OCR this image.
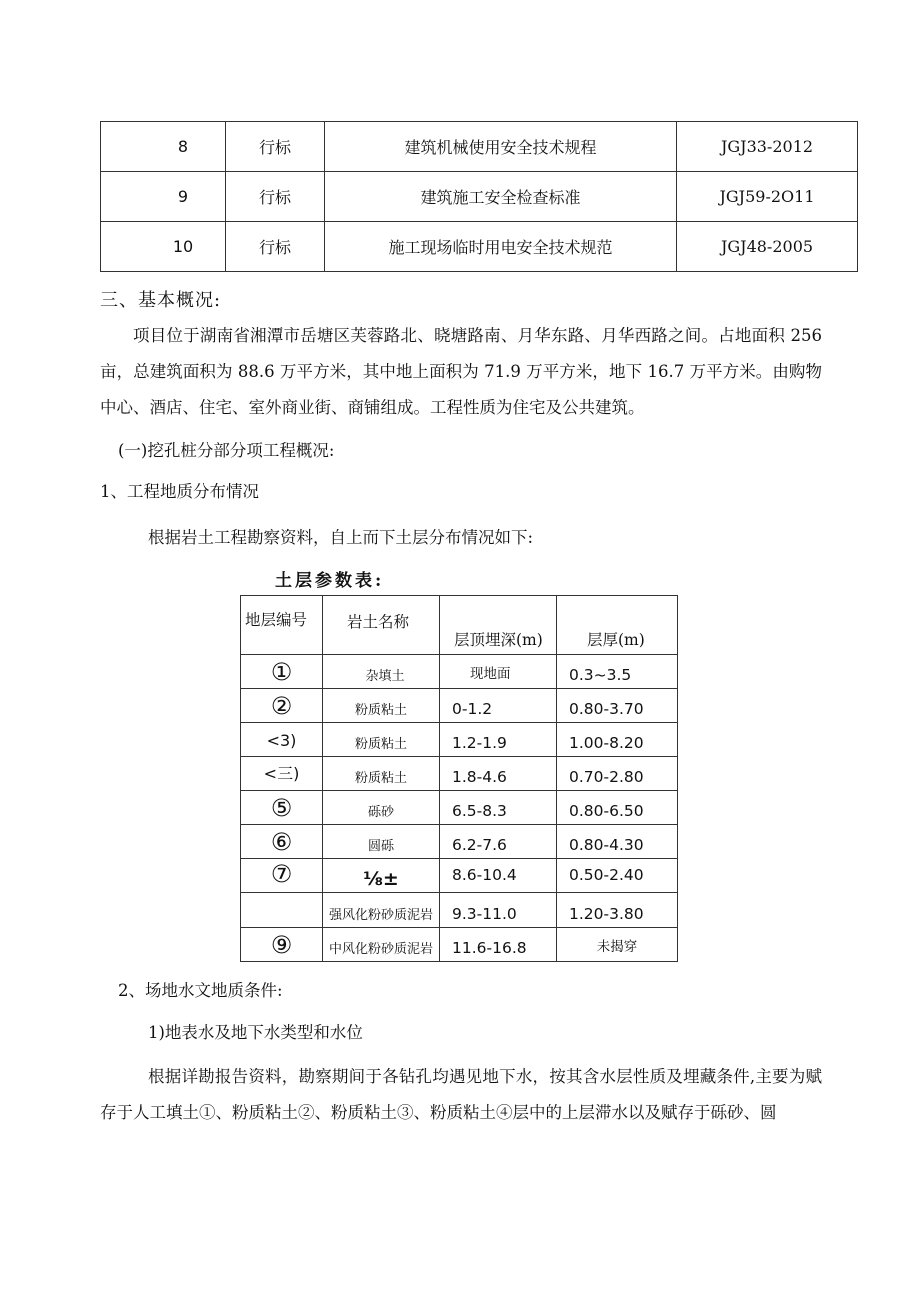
8	行标	建筑机械使用安全技术规程	JGJ33-2012
9	行标	建筑施工安全检查标准	JGJ59-2O11
10	行标	施工现场临时用电安全技术规范	JGJ48-2005
三、基本概况:
项目位于湖南省湘潭市岳塘区芙蓉路北、晓塘路南、月华东路、月华西路之间。占地面积 256 亩，总建筑面积为 88.6 万平方米，其中地上面积为 71.9 万平方米，地下 16.7 万平方米。由购物中心、酒店、住宅、室外商业街、商铺组成。工程性质为住宅及公共建筑。
(一)挖孔桩分部分项工程概况:
1、工程地质分布情况
根据岩土工程勘察资料，自上而下土层分布情况如下:
土层参数表:
地层编号	岩土名称	层顶埋深(m)	层厚(m)

①	杂填土	现地面	0.3~3.5

②	粉质粘土	0-1.2	0.80-3.70

<3)	粉质粘土	1.2-1.9	1.00-8.20

<三)	粉质粘土	1.8-4.6	0.70-2.80

⑤	砾砂	6.5-8.3	0.80-6.50

⑥	圆砾	6.2-7.6	0.80-4.30

⑦	⅛±	8.6-10.4	0.50-2.40

	强风化粉砂质泥岩	9.3-11.0	1.20-3.80

⑨	中风化粉砂质泥岩	11.6-16.8	未揭穿
2、场地水文地质条件:
1)地表水及地下水类型和水位
根据详勘报告资料，勘察期间于各钻孔均遇见地下水，按其含水层性质及埋藏条件,主要为赋存于人工填土①、粉质粘土②、粉质粘土③、粉质粘土④层中的上层滞水以及赋存于砾砂、圆
